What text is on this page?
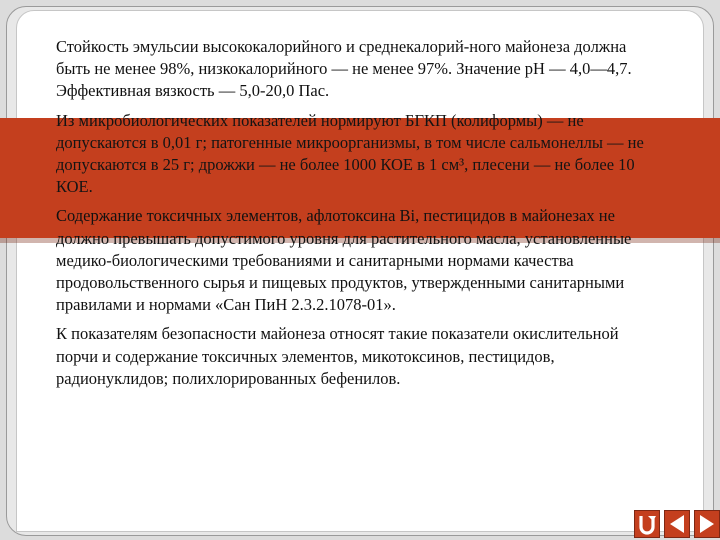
Стойкость эмульсии высококалорийного и среднекалорий-ного майонеза должна быть не менее 98%, низкокалорийного — не менее 97%. Значение рН — 4,0—4,7. Эффективная вязкость — 5,0-20,0 Пас.

Из микробиологических показателей нормируют БГКП (колиформы) — не допускаются в 0,01 г; патогенные микроорганизмы, в том числе сальмонеллы — не допускаются в 25 г; дрожжи — не более 1000 КОЕ в 1 см³, плесени — не более 10 КОЕ.

Содержание токсичных элементов, афлотоксина Bi, пестицидов в майонезах не должно превышать допустимого уровня для растительного масла, установленные медико-биологическими требованиями и санитарными нормами качества продовольственного сырья и пищевых продуктов, утвержденными санитарными правилами и нормами «Сан ПиН 2.3.2.1078-01».

К показателям безопасности майонеза относят такие показатели окислительной порчи и содержание токсичных элементов, микотоксинов, пестицидов, радионуклидов; полихлорированных бефенилов.
